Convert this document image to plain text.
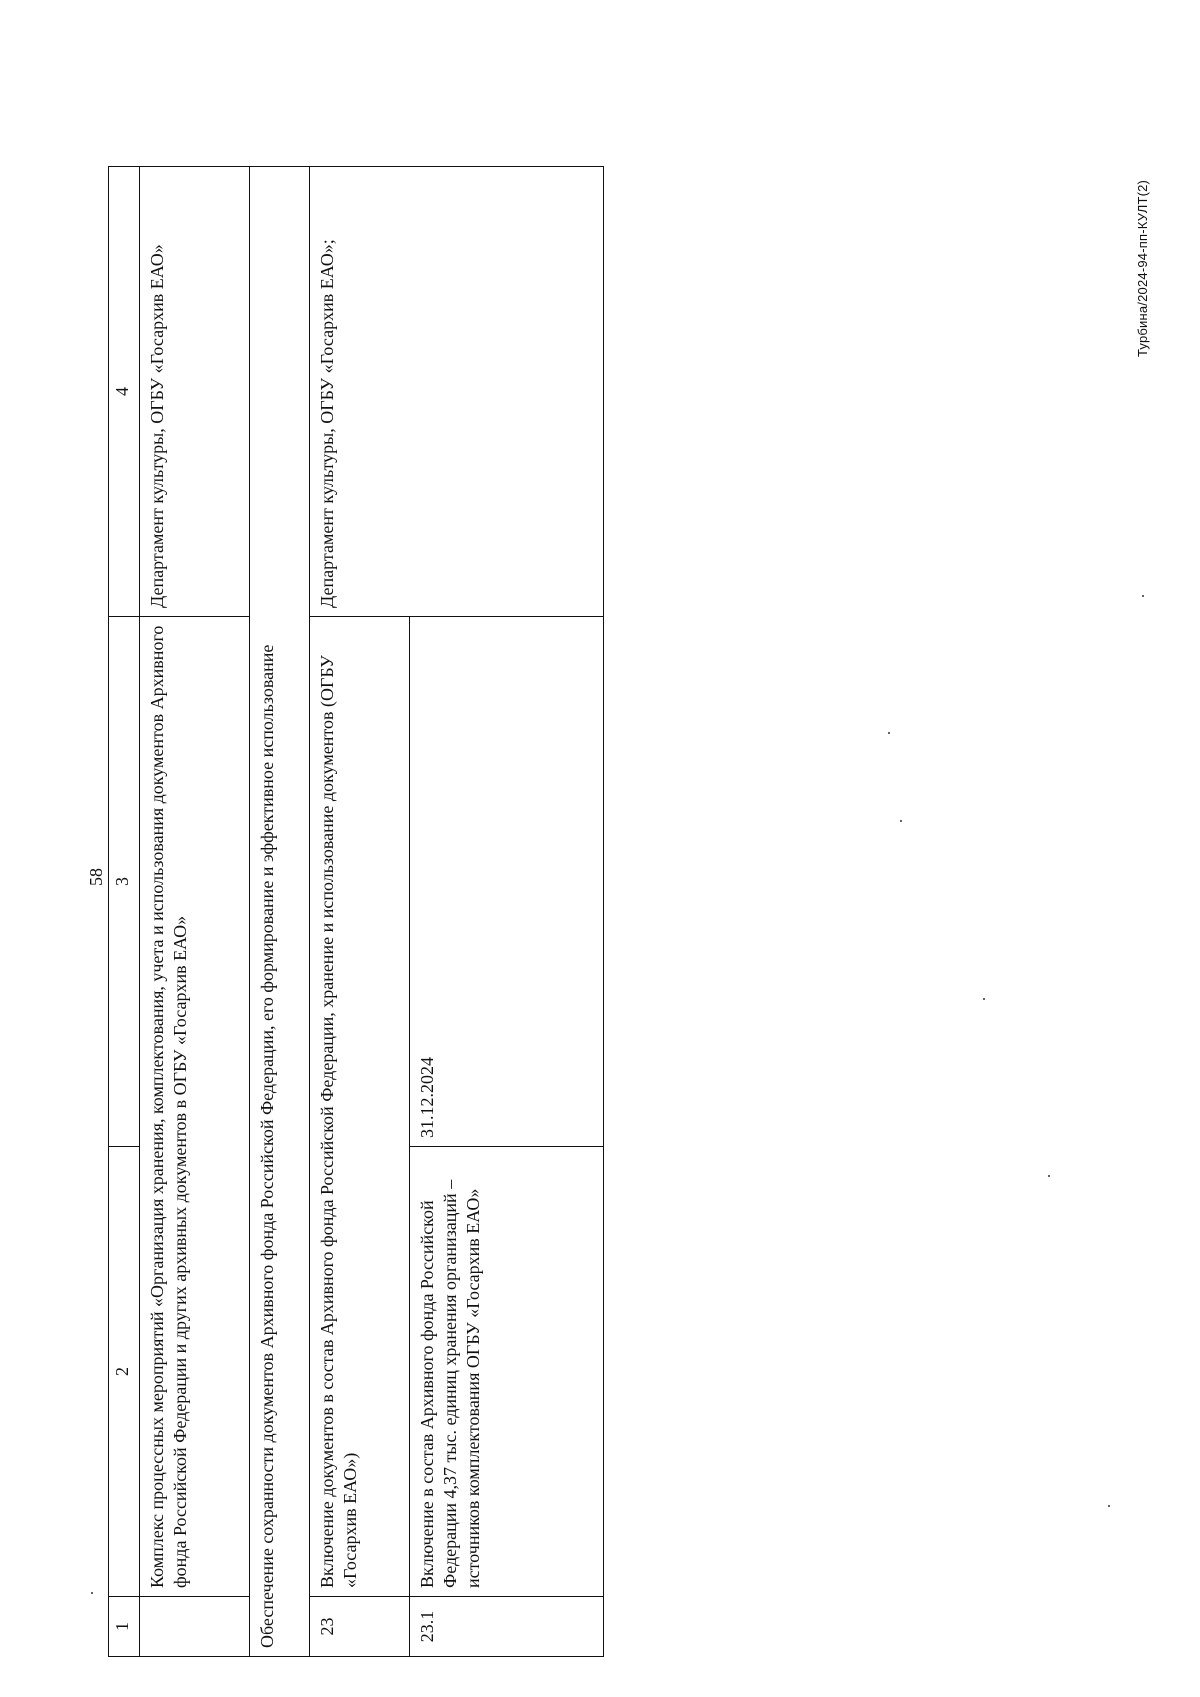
58
1	2	3	4
	Комплекс процессных мероприятий «Организация хранения, комплектования, учета и использования документов Архивного фонда Российской Федерации и других архивных документов в ОГБУ «Госархив ЕАО»		Департамент культуры, ОГБУ «Госархив ЕАО»
Обеспечение сохранности документов Архивного фонда Российской Федерации, его формирование и эффективное использование			
23	Включение документов в состав Архивного фонда Российской Федерации, хранение и использование документов (ОГБУ «Госархив ЕАО»)		Департамент культуры, ОГБУ «Госархив ЕАО»;
23.1	Включение в состав Архивного фонда Российской Федерации 4,37 тыс. единиц хранения организаций – источников комплектования ОГБУ «Госархив ЕАО»	31.12.2024	
Турбина/2024-94-пп-КУЛТ(2)
